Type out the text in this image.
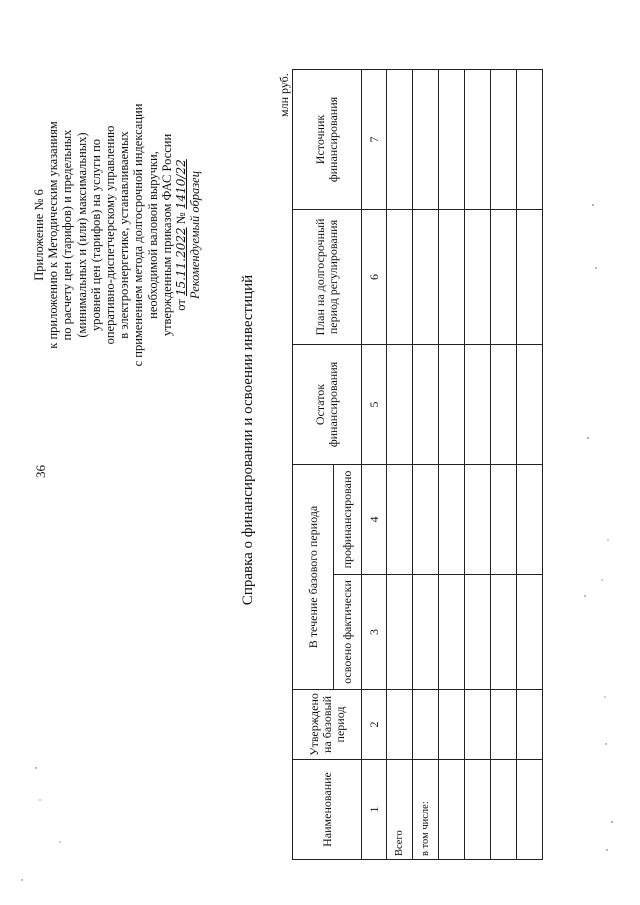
36
Приложение № 6 к приложению к Методическим указаниям по расчету цен (тарифов) и предельных (минимальных и (или) максимальных) уровней цен (тарифов) на услуги по оперативно-диспетчерскому управлению в электроэнергетике, устанавливаемых с применением метода долгосрочной индексации необходимой валовой выручки, утвержденным приказом ФАС России от 15.11.2022 № 1410/22 Рекомендуемый образец
Справка о финансировании и освоении инвестиций
млн руб.
Наименование	Утверждено на базовый период	В течение базового периода		Остаток финансирования	План на долгосрочный период регулирования	Источник финансирования
		освоено фактически	профинансировано			
1	2	3	4	5	6	7
Всего						
в том числе:						
